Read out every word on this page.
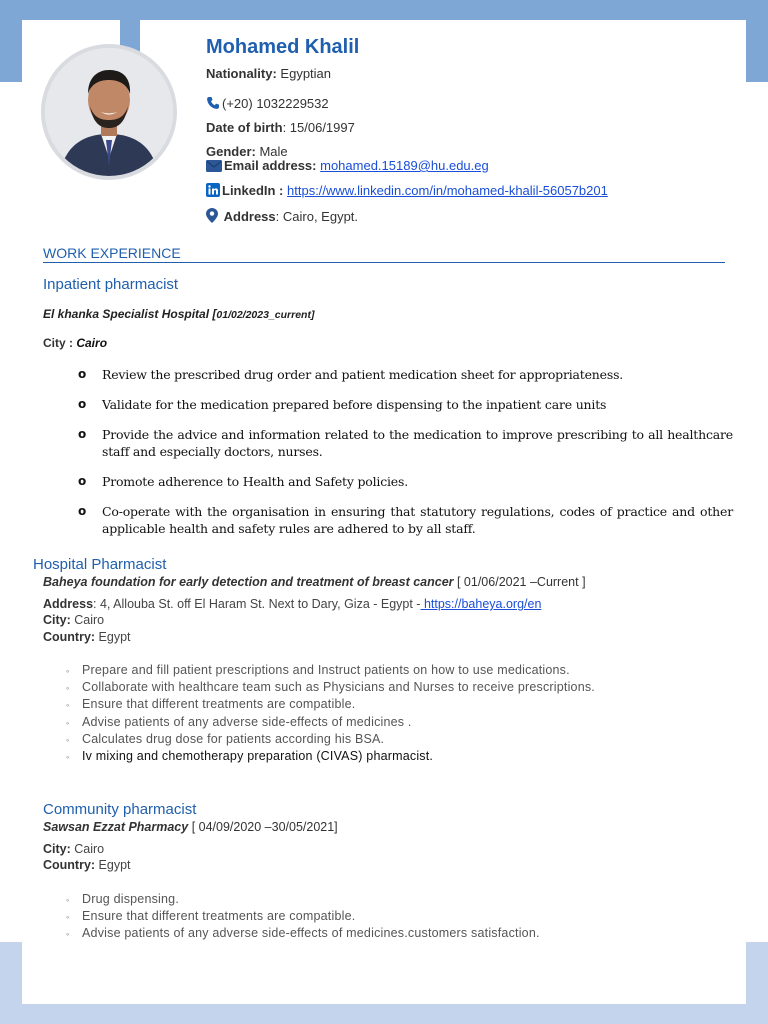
Mohamed Khalil
Nationality: Egyptian
(+20) 1032229532
Date of birth: 15/06/1997
Gender: Male
Email address: mohamed.15189@hu.edu.eg
LinkedIn : https://www.linkedin.com/in/mohamed-khalil-56057b201
Address: Cairo, Egypt.
WORK EXPERIENCE
Inpatient pharmacist
El khanka Specialist Hospital [01/02/2023_current]
City : Cairo
o Review the prescribed drug order and patient medication sheet for appropriateness.
o Validate for the medication prepared before dispensing to the inpatient care units
o Provide the advice and information related to the medication to improve prescribing to all healthcare staff and especially doctors, nurses.
o Promote adherence to Health and Safety policies.
o Co-operate with the organisation in ensuring that statutory regulations, codes of practice and other applicable health and safety rules are adhered to by all staff.
Hospital Pharmacist
Baheya foundation for early detection and treatment of breast cancer [ 01/06/2021 –Current ]
Address: 4, Allouba St. off El Haram St. Next to Dary, Giza - Egypt - https://baheya.org/en
City: Cairo
Country: Egypt
◦ Prepare and fill patient prescriptions and Instruct patients on how to use medications.
◦ Collaborate with healthcare team such as Physicians and Nurses to receive prescriptions.
◦ Ensure that different treatments are compatible.
◦ Advise patients of any adverse side-effects of medicines .
◦ Calculates drug dose for patients according his BSA.
◦ Iv mixing and chemotherapy preparation (CIVAS) pharmacist.
Community pharmacist
Sawsan Ezzat Pharmacy [ 04/09/2020 –30/05/2021]
City: Cairo
Country: Egypt
◦ Drug dispensing.
◦ Ensure that different treatments are compatible.
◦ Advise patients of any adverse side-effects of medicines.customers satisfaction.
